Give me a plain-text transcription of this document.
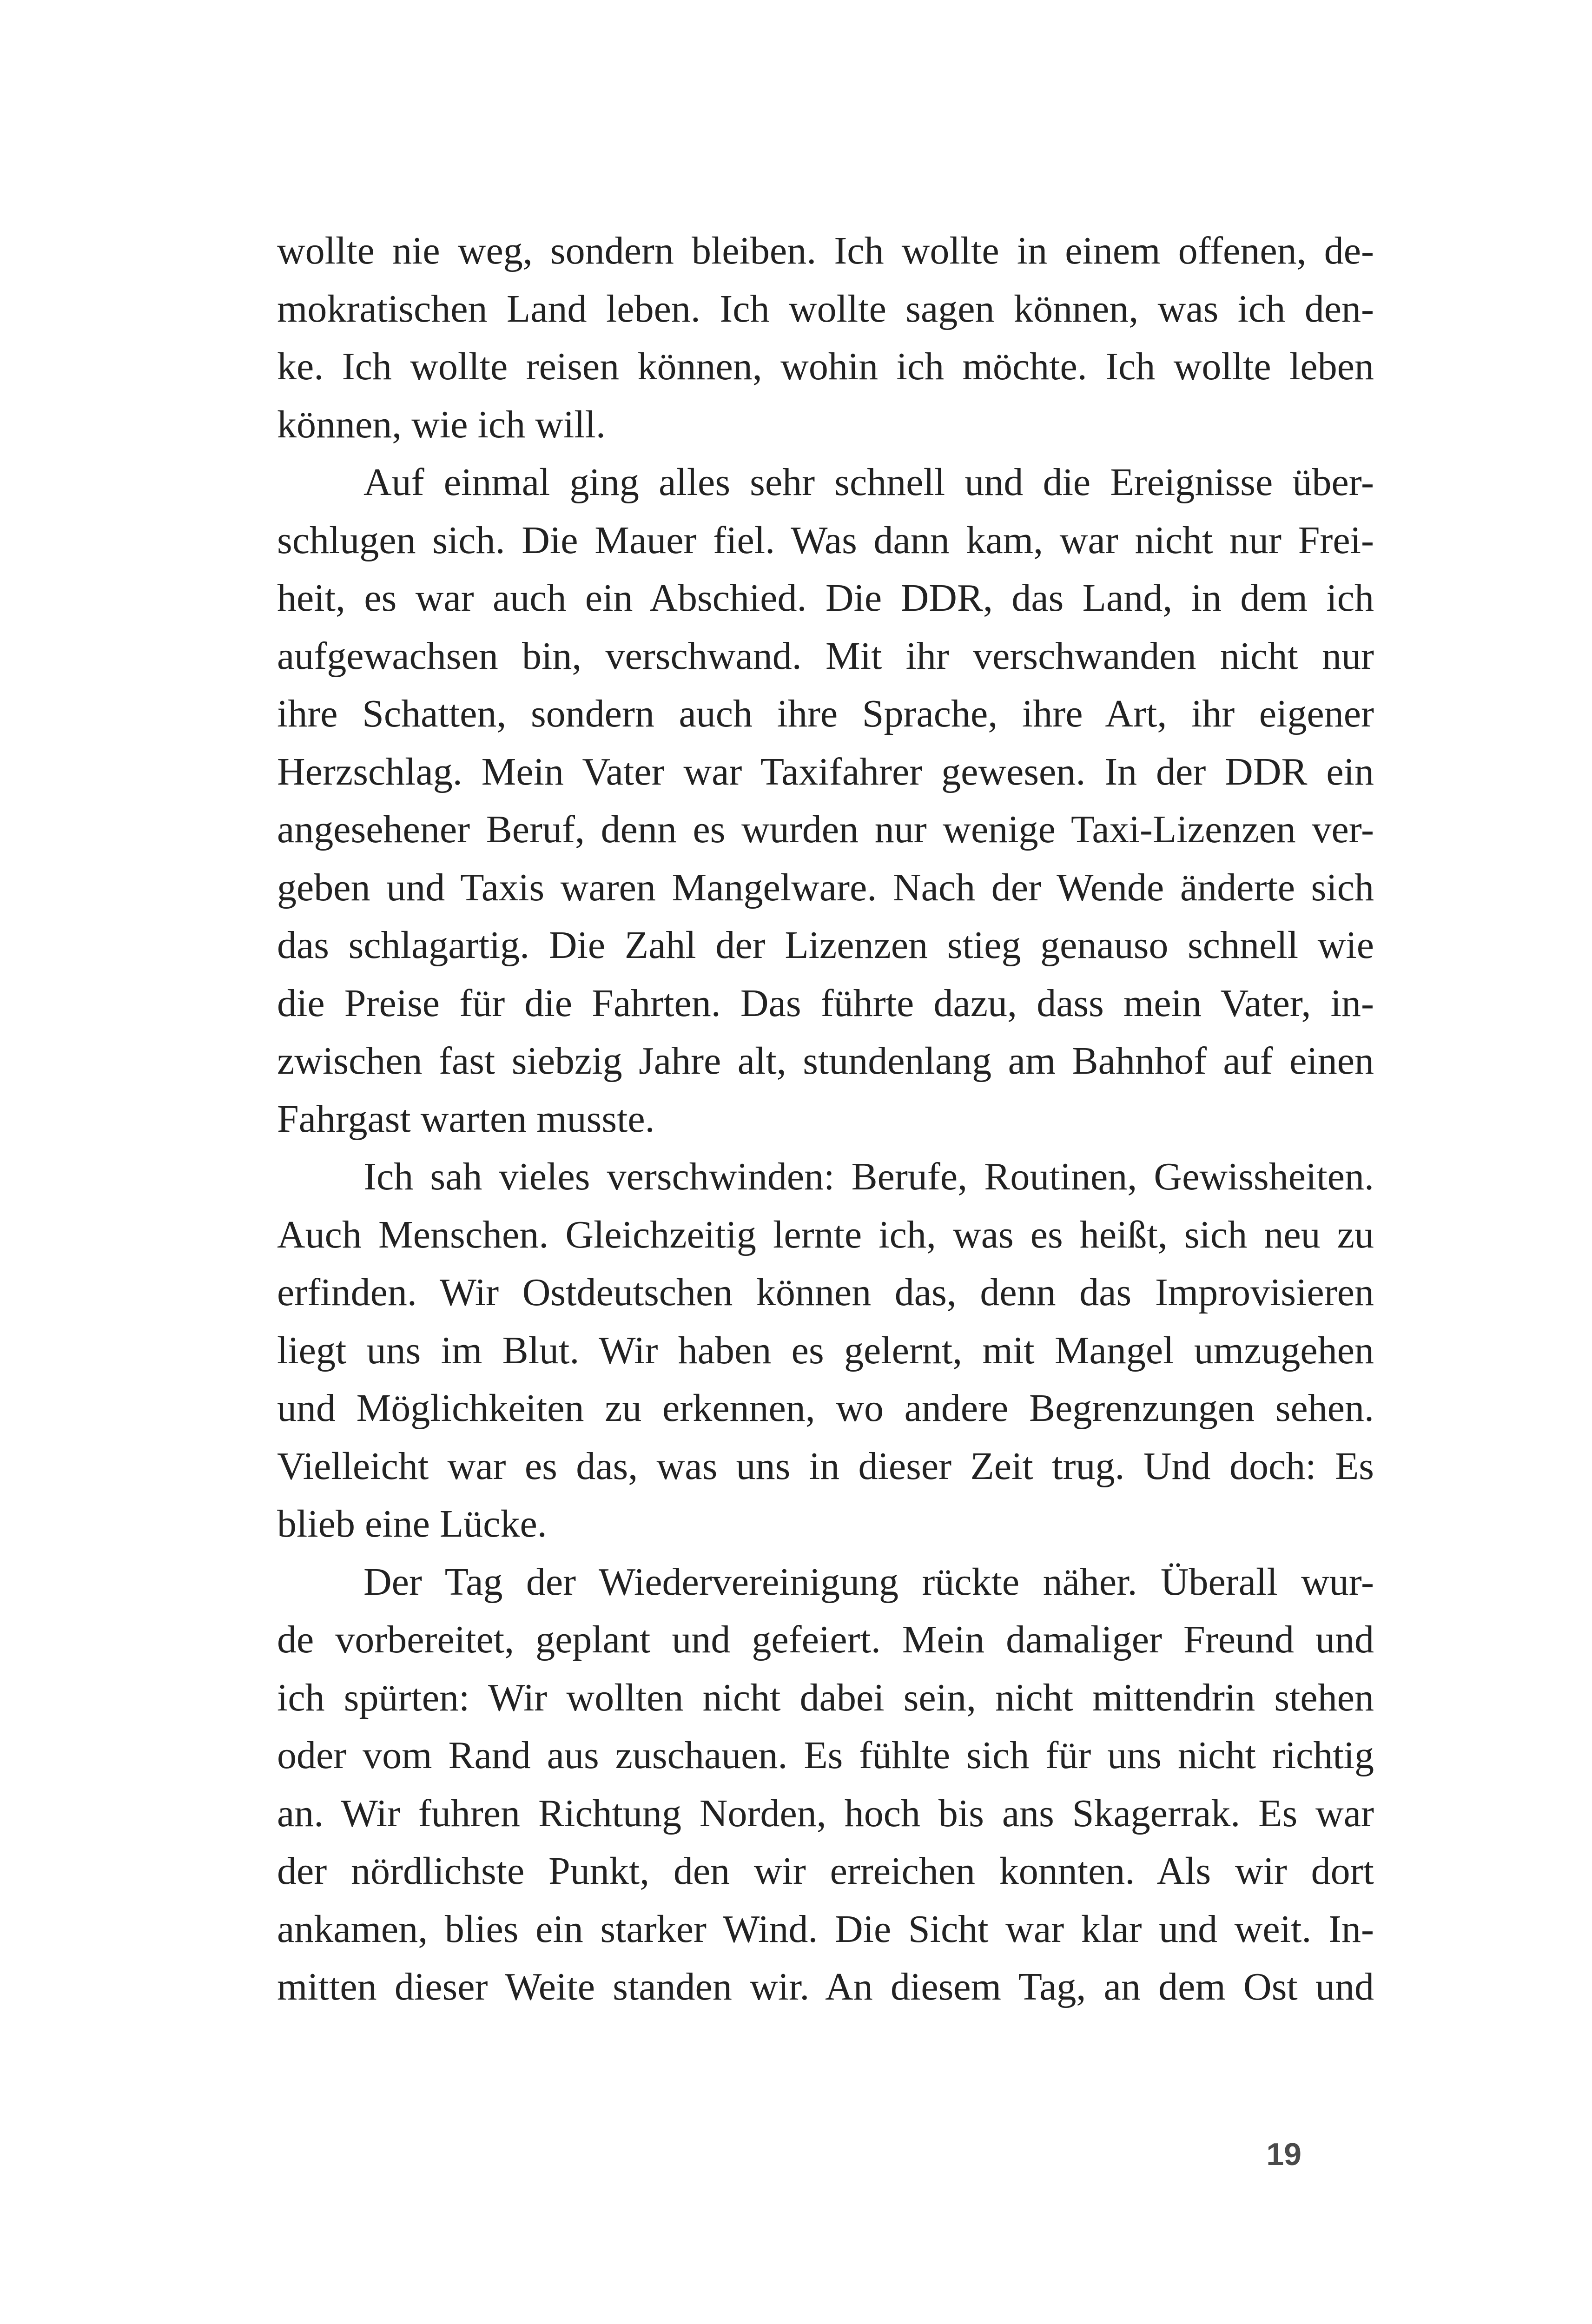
wollte nie weg, sondern bleiben. Ich wollte in einem offenen, de-
mokratischen Land leben. Ich wollte sagen können, was ich den-
ke. Ich wollte reisen können, wohin ich möchte. Ich wollte leben
können, wie ich will.
Auf einmal ging alles sehr schnell und die Ereignisse über-
schlugen sich. Die Mauer fiel. Was dann kam, war nicht nur Frei-
heit, es war auch ein Abschied. Die DDR, das Land, in dem ich
aufgewachsen bin, verschwand. Mit ihr verschwanden nicht nur
ihre Schatten, sondern auch ihre Sprache, ihre Art, ihr eigener
Herzschlag. Mein Vater war Taxifahrer gewesen. In der DDR ein
angesehener Beruf, denn es wurden nur wenige Taxi-Lizenzen ver-
geben und Taxis waren Mangelware. Nach der Wende änderte sich
das schlagartig. Die Zahl der Lizenzen stieg genauso schnell wie
die Preise für die Fahrten. Das führte dazu, dass mein Vater, in-
zwischen fast siebzig Jahre alt, stundenlang am Bahnhof auf einen
Fahrgast warten musste.
Ich sah vieles verschwinden: Berufe, Routinen, Gewissheiten.
Auch Menschen. Gleichzeitig lernte ich, was es heißt, sich neu zu
erfinden. Wir Ostdeutschen können das, denn das Improvisieren
liegt uns im Blut. Wir haben es gelernt, mit Mangel umzugehen
und Möglichkeiten zu erkennen, wo andere Begrenzungen sehen.
Vielleicht war es das, was uns in dieser Zeit trug. Und doch: Es
blieb eine Lücke.
Der Tag der Wiedervereinigung rückte näher. Überall wur-
de vorbereitet, geplant und gefeiert. Mein damaliger Freund und
ich spürten: Wir wollten nicht dabei sein, nicht mittendrin stehen
oder vom Rand aus zuschauen. Es fühlte sich für uns nicht richtig
an. Wir fuhren Richtung Norden, hoch bis ans Skagerrak. Es war
der nördlichste Punkt, den wir erreichen konnten. Als wir dort
ankamen, blies ein starker Wind. Die Sicht war klar und weit. In-
mitten dieser Weite standen wir. An diesem Tag, an dem Ost und
19
